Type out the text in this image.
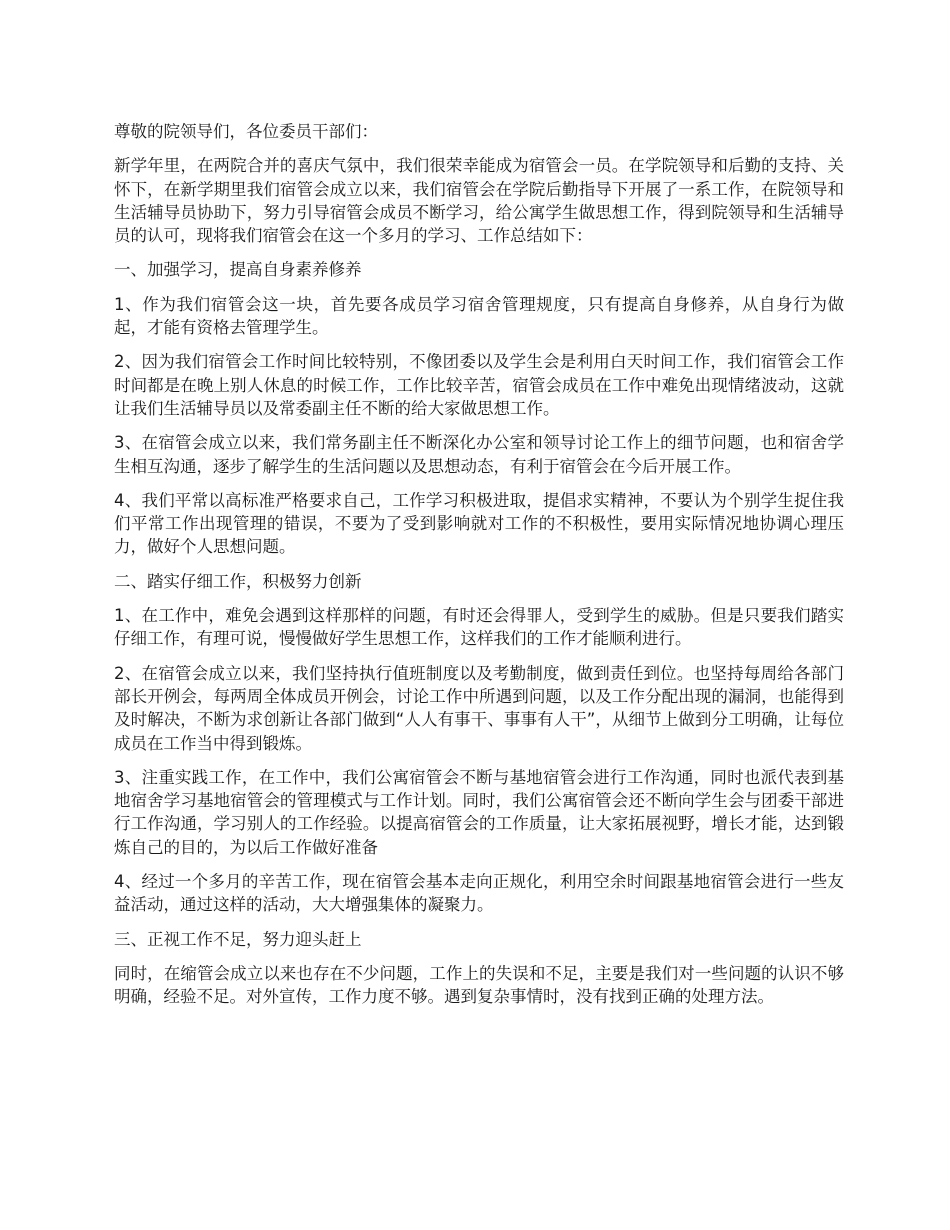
尊敬的院领导们，各位委员干部们：

新学年里，在两院合并的喜庆气氛中，我们很荣幸能成为宿管会一员。在学院领导和后勤的支持、关怀下，在新学期里我们宿管会成立以来，我们宿管会在学院后勤指导下开展了一系工作，在院领导和生活辅导员协助下，努力引导宿管会成员不断学习，给公寓学生做思想工作，得到院领导和生活辅导员的认可，现将我们宿管会在这一个多月的学习、工作总结如下：

一、加强学习，提高自身素养修养

1、作为我们宿管会这一块，首先要各成员学习宿舍管理规度，只有提高自身修养，从自身行为做起，才能有资格去管理学生。

2、因为我们宿管会工作时间比较特别，不像团委以及学生会是利用白天时间工作，我们宿管会工作时间都是在晚上别人休息的时候工作，工作比较辛苦，宿管会成员在工作中难免出现情绪波动，这就让我们生活辅导员以及常委副主任不断的给大家做思想工作。

3、在宿管会成立以来，我们常务副主任不断深化办公室和领导讨论工作上的细节问题，也和宿舍学生相互沟通，逐步了解学生的生活问题以及思想动态，有利于宿管会在今后开展工作。

4、我们平常以高标准严格要求自己，工作学习积极进取，提倡求实精神，不要认为个别学生捉住我们平常工作出现管理的错误，不要为了受到影响就对工作的不积极性，要用实际情况地协调心理压力，做好个人思想问题。

二、踏实仔细工作，积极努力创新

1、在工作中，难免会遇到这样那样的问题，有时还会得罪人，受到学生的威胁。但是只要我们踏实仔细工作，有理可说，慢慢做好学生思想工作，这样我们的工作才能顺利进行。

2、在宿管会成立以来，我们坚持执行值班制度以及考勤制度，做到责任到位。也坚持每周给各部门部长开例会，每两周全体成员开例会，讨论工作中所遇到问题，以及工作分配出现的漏洞，也能得到及时解决，不断为求创新让各部门做到“人人有事干、事事有人干”，从细节上做到分工明确，让每位成员在工作当中得到锻炼。

3、注重实践工作，在工作中，我们公寓宿管会不断与基地宿管会进行工作沟通，同时也派代表到基地宿舍学习基地宿管会的管理模式与工作计划。同时，我们公寓宿管会还不断向学生会与团委干部进行工作沟通，学习别人的工作经验。以提高宿管会的工作质量，让大家拓展视野，增长才能，达到锻炼自己的目的，为以后工作做好准备

4、经过一个多月的辛苦工作，现在宿管会基本走向正规化，利用空余时间跟基地宿管会进行一些友益活动，通过这样的活动，大大增强集体的凝聚力。

三、正视工作不足，努力迎头赶上

同时，在缩管会成立以来也存在不少问题，工作上的失误和不足，主要是我们对一些问题的认识不够明确，经验不足。对外宣传，工作力度不够。遇到复杂事情时，没有找到正确的处理方法。
